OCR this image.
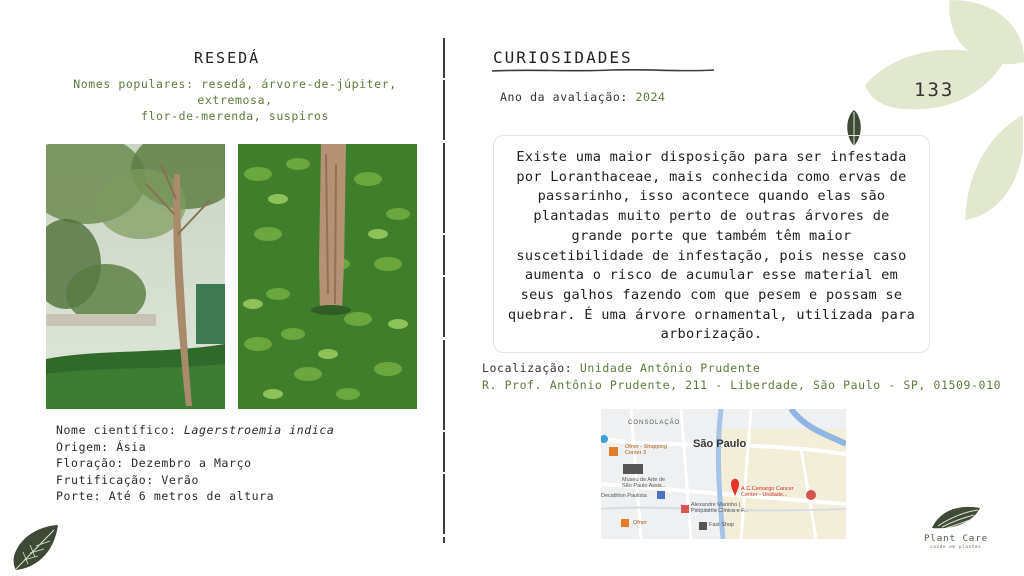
133
RESEDÁ
Nomes populares: resedá, árvore-de-júpiter, extremosa,
flor-de-merenda, suspiros
Nome científico: Lagerstroemia indica
Origem: Ásia
Floração: Dezembro a Março
Frutificação: Verão
Porte: Até 6 metros de altura
CURIOSIDADES
Ano da avaliação: 2024
Existe uma maior disposição para ser infestada por Loranthaceae, mais conhecida como ervas de passarinho, isso acontece quando elas são plantadas muito perto de outras árvores de grande porte que também têm maior suscetibilidade de infestação, pois nesse caso aumenta o risco de acumular esse material em seus galhos fazendo com que pesem e possam se quebrar. É uma árvore ornamental, utilizada para arborização.
Localização: Unidade Antônio Prudente
R. Prof. Antônio Prudente, 211 - Liberdade, São Paulo - SP, 01509-010
CONSOLAÇÃO
São Paulo
Ofner - Shopping
Center 3
Museu de Arte de
São Paulo Assis...
Decathlon Paulista
A.C.Camargo Cancer
Center - Unidade...
Alexandre Marinho |
Psiquiatria Clínica e F...
Ofner	Fast Shop
Plant Care
saúde em plantas
